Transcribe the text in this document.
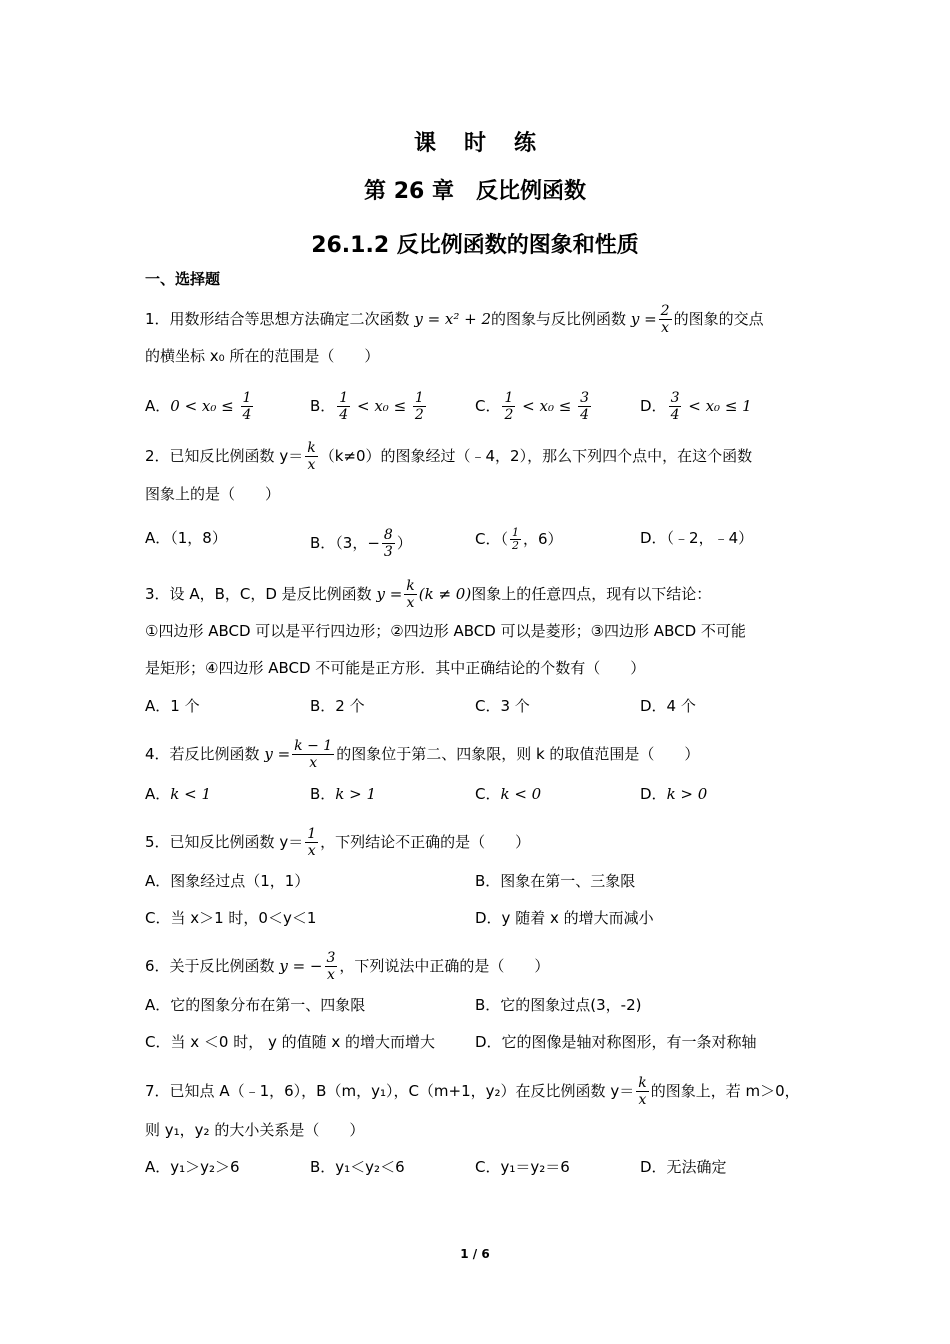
课 时 练
第 26 章　反比例函数
26.1.2 反比例函数的图象和性质
一、选择题
1．用数形结合等思想方法确定二次函数 y = x² + 2的图象与反比例函数 $y = \frac{2}{x}$ 的图象的交点
的横坐标 x₀ 所在的范围是（　　）
A．$0 < x_0 \le \frac{1}{4}$	B． $\frac{1}{4} < x_0 \le \frac{1}{2}$	C． $\frac{1}{2} < x_0 \le \frac{3}{4}$	D． $\frac{3}{4} < x_0 \le 1$
2．已知反比例函数 $y= \frac{k}{x} (k\ne 0)$的图象经过（﹣4，2），那么下列四个点中，在这个函数
图象上的是（　　）
A．（1，8）	B．（3，− $\frac{8}{3}$ ）	C．（ $\frac{1}{2}$ ，6）	D．（﹣2，﹣4）
3．设 A，B，C，D 是反比例函数 $y = \frac{k}{x} (k \ne 0)$图象上的任意四点，现有以下结论：
①四边形 ABCD 可以是平行四边形；②四边形 ABCD 可以是菱形；③四边形 ABCD 不可能
是矩形；④四边形 ABCD 不可能是正方形．其中正确结论的个数有（　　）
A．1 个	B．2 个	C．3 个	D．4 个
4．若反比例函数 $y = \frac{k - 1}{x}$ 的图象位于第二、四象限，则 k 的取值范围是（　　）
A．k < 1	B．k > 1	C．k < 0	D．k > 0
5．已知反比例函数 $y= \frac{1}{x}$ ，下列结论不正确的是（　　）
A．图象经过点（1，1）	B．图象在第一、三象限
C．当 x＞1 时，0＜y＜1	D．y 随着 x 的增大而减小
6．关于反比例函数 y = − $\frac{3}{x}$ ，下列说法中正确的是（　　）
A．它的图象分布在第一、四象限	B．它的图象过点(3，-2)
C．当 x ＜0 时， y 的值随 x 的增大而增大	D．它的图像是轴对称图形，有一条对称轴
7．已知点 A（﹣1，6），B（m，y₁），C（m+1，y₂）在反比例函数 $y= \frac{k}{x}$ 的图象上，若 m＞0，
则 y₁，y₂ 的大小关系是（　　）
A．y₁＞y₂＞6	B．y₁＜y₂＜6	C．y₁＝y₂＝6	D．无法确定
1 / 6
